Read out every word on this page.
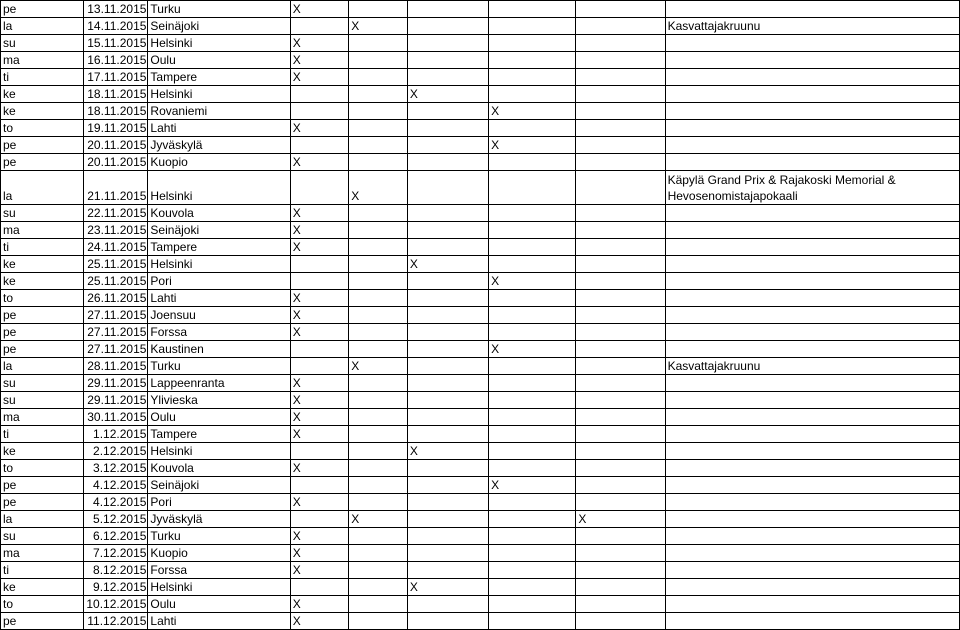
pe	13.11.2015	Turku	X					
la	14.11.2015	Seinäjoki		X				Kasvattajakruunu
su	15.11.2015	Helsinki	X					
ma	16.11.2015	Oulu	X					
ti	17.11.2015	Tampere	X					
ke	18.11.2015	Helsinki			X			
ke	18.11.2015	Rovaniemi				X		
to	19.11.2015	Lahti	X					
pe	20.11.2015	Jyväskylä				X		
pe	20.11.2015	Kuopio	X					
la	21.11.2015	Helsinki		X				Käpylä Grand Prix & Rajakoski Memorial &
Hevosenomistajapokaali

su	22.11.2015	Kouvola	X					
ma	23.11.2015	Seinäjoki	X					
ti	24.11.2015	Tampere	X					
ke	25.11.2015	Helsinki			X			
ke	25.11.2015	Pori				X		
to	26.11.2015	Lahti	X					
pe	27.11.2015	Joensuu	X					
pe	27.11.2015	Forssa	X					
pe	27.11.2015	Kaustinen				X		
la	28.11.2015	Turku		X				Kasvattajakruunu
su	29.11.2015	Lappeenranta	X					
su	29.11.2015	Ylivieska	X					
ma	30.11.2015	Oulu	X					
ti	1.12.2015	Tampere	X					
ke	2.12.2015	Helsinki			X			
to	3.12.2015	Kouvola	X					
pe	4.12.2015	Seinäjoki				X		
pe	4.12.2015	Pori	X					
la	5.12.2015	Jyväskylä		X			X	
su	6.12.2015	Turku	X					
ma	7.12.2015	Kuopio	X					
ti	8.12.2015	Forssa	X					
ke	9.12.2015	Helsinki			X			
to	10.12.2015	Oulu	X					
pe	11.12.2015	Lahti	X					
